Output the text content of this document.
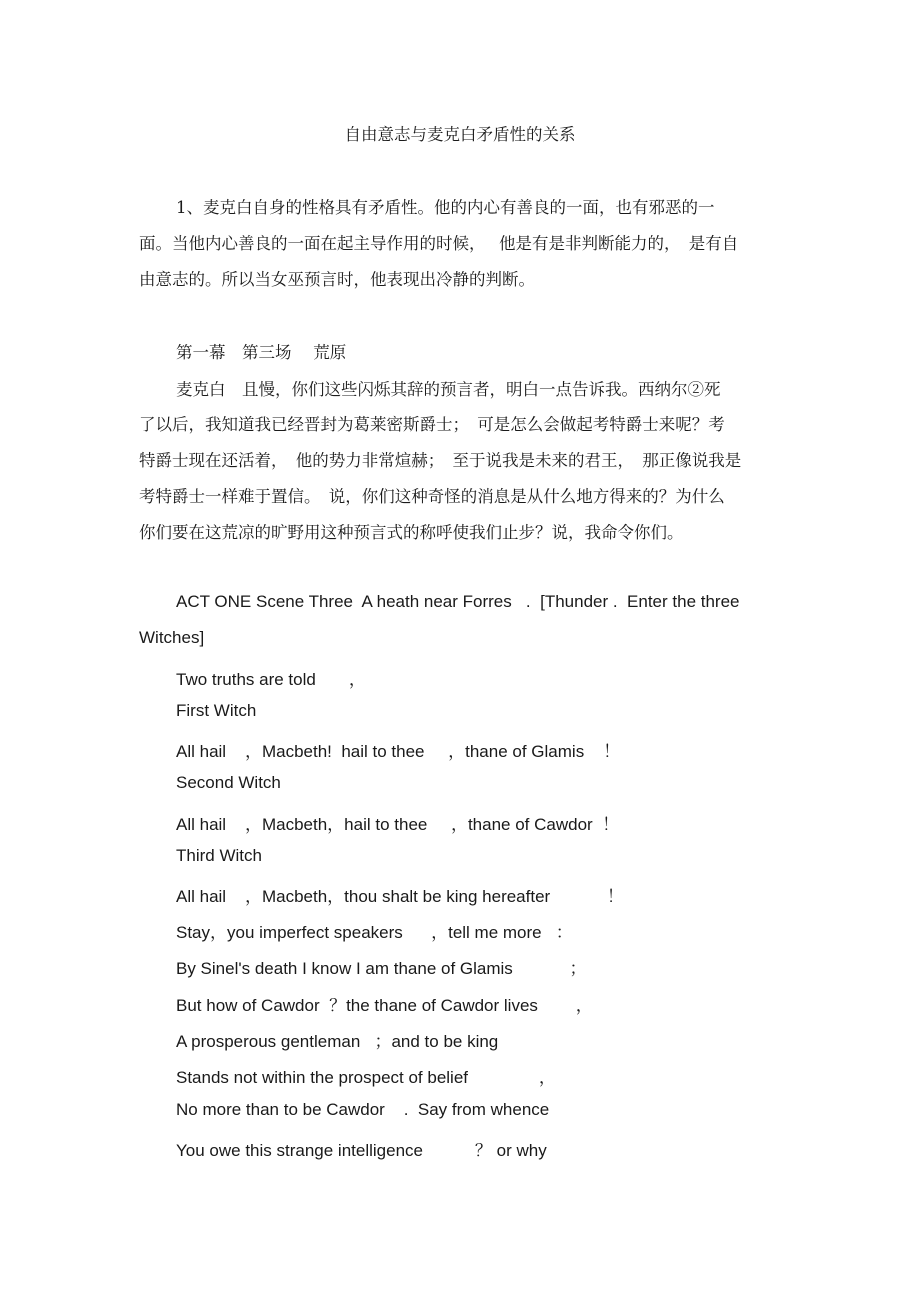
自由意志与麦克白矛盾性的关系
1、麦克白自身的性格具有矛盾性。他的内心有善良的一面，也有邪恶的一
面。当他内心善良的一面在起主导作用的时候，　 他是有是非判断能力的，　是有自
由意志的。所以当女巫预言时，他表现出冷静的判断。
第一幕　第三场　 荒原
麦克白　且慢，你们这些闪烁其辞的预言者，明白一点告诉我。西纳尔②死
了以后，我知道我已经晋封为葛莱密斯爵士；　可是怎么会做起考特爵士来呢？考
特爵士现在还活着，　他的势力非常煊赫；　至于说我是未来的君王，　那正像说我是
考特爵士一样难于置信。　说，你们这种奇怪的消息是从什么地方得来的？为什么
你们要在这荒凉的旷野用这种预言式的称呼使我们止步？说，我命令你们。
ACT ONE Scene Three  A heath near Forres   .  [Thunder .  Enter the three
Witches]
Two truths are told       ，
First Witch
All hail    ，Macbeth!  hail to thee     ，thane of Glamis    ！
Second Witch
All hail    ，Macbeth，hail to thee     ，thane of Cawdor  ！
Third Witch
All hail    ，Macbeth，thou shalt be king hereafter            ！
Stay，you imperfect speakers      ，tell me more   ：
By Sinel's death I know I am thane of Glamis            ；
But how of Cawdor  ？the thane of Cawdor lives        ，
A prosperous gentleman   ；and to be king
Stands not within the prospect of belief               ，
No more than to be Cawdor    .  Say from whence
You owe this strange intelligence           ？ or why
